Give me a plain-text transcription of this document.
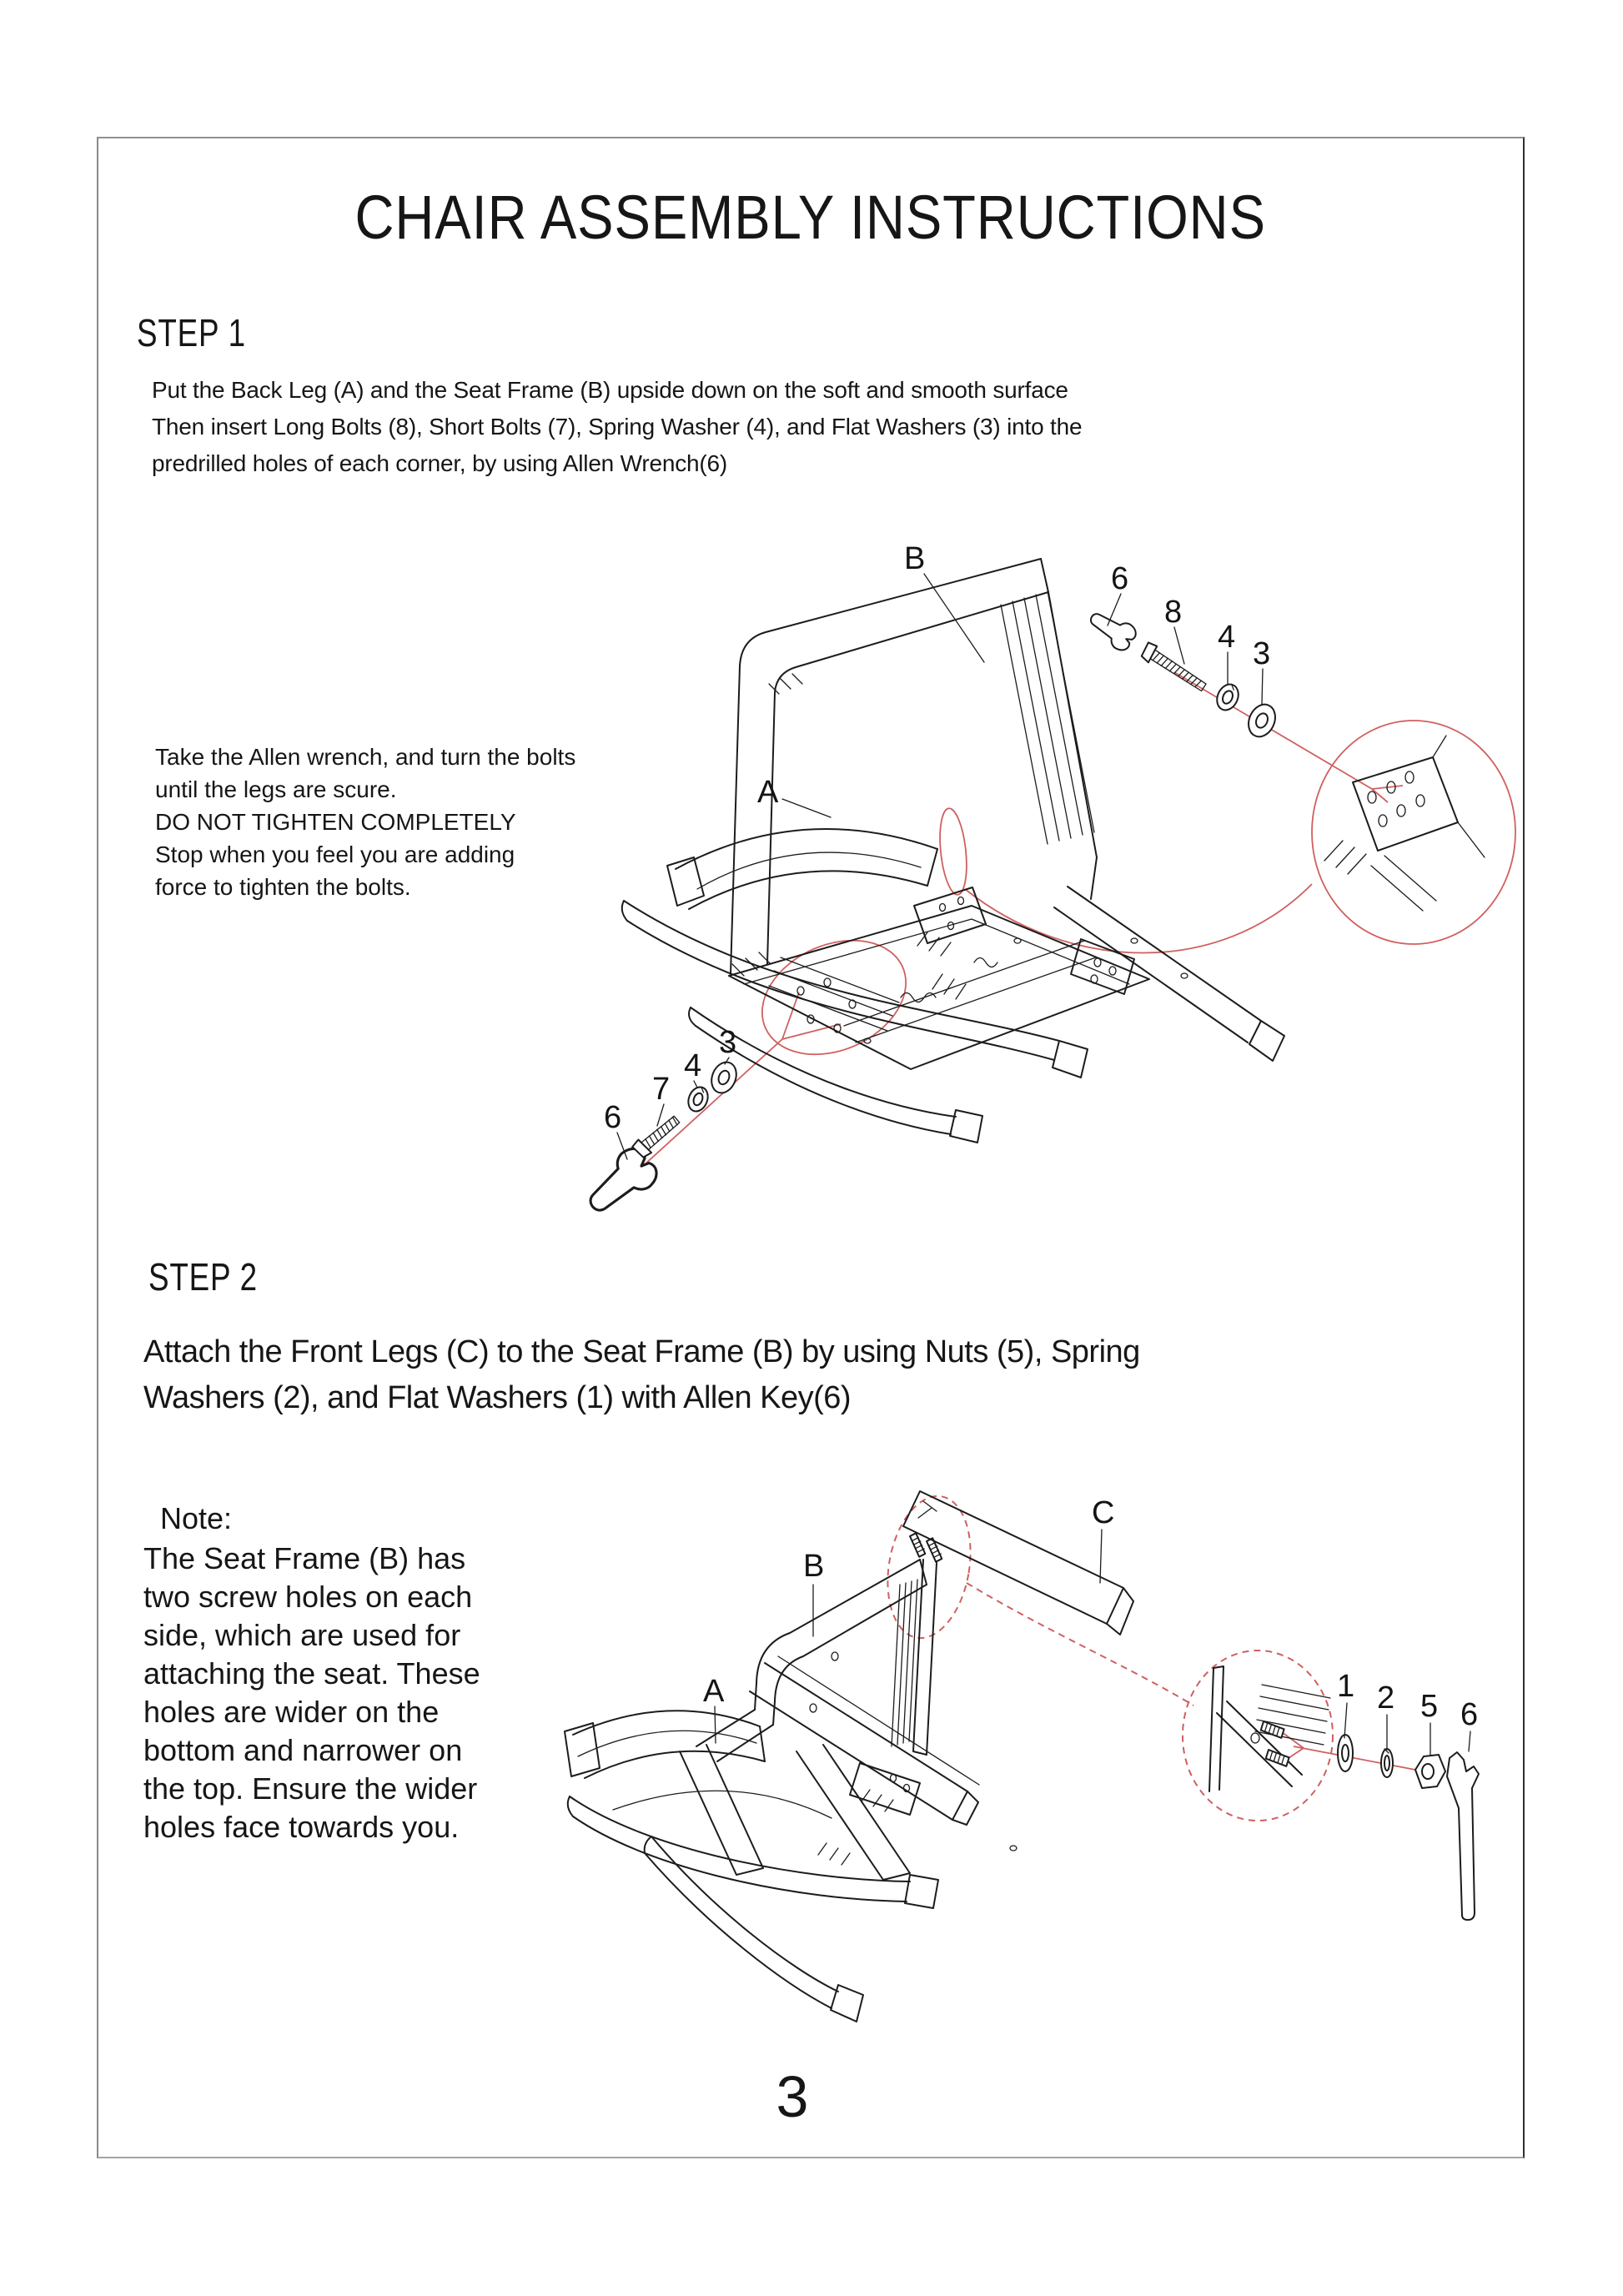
CHAIR ASSEMBLY INSTRUCTIONS
STEP 1
Put the Back Leg (A) and the Seat Frame (B) upside down on the soft and smooth surface
Then insert Long Bolts (8), Short Bolts (7), Spring Washer (4), and Flat Washers (3) into the
predrilled holes of each corner, by using Allen Wrench(6)
Take the Allen wrench, and turn the bolts
until the legs are scure.
DO NOT TIGHTEN COMPLETELY
Stop when you feel you are adding
force to tighten the bolts.
B
6
8
4 3
A
6
7
4
3
STEP 2
Attach the Front Legs (C) to the Seat Frame (B) by using Nuts (5), Spring
Washers (2), and Flat Washers (1) with Allen Key(6)
Note:
The Seat Frame (B) has
two screw holes on each
side, which are used for
attaching the seat. These
holes are wider on the
bottom and narrower on
the top. Ensure the wider
holes face towards you.
A
B
C
1 2 5 6
3
